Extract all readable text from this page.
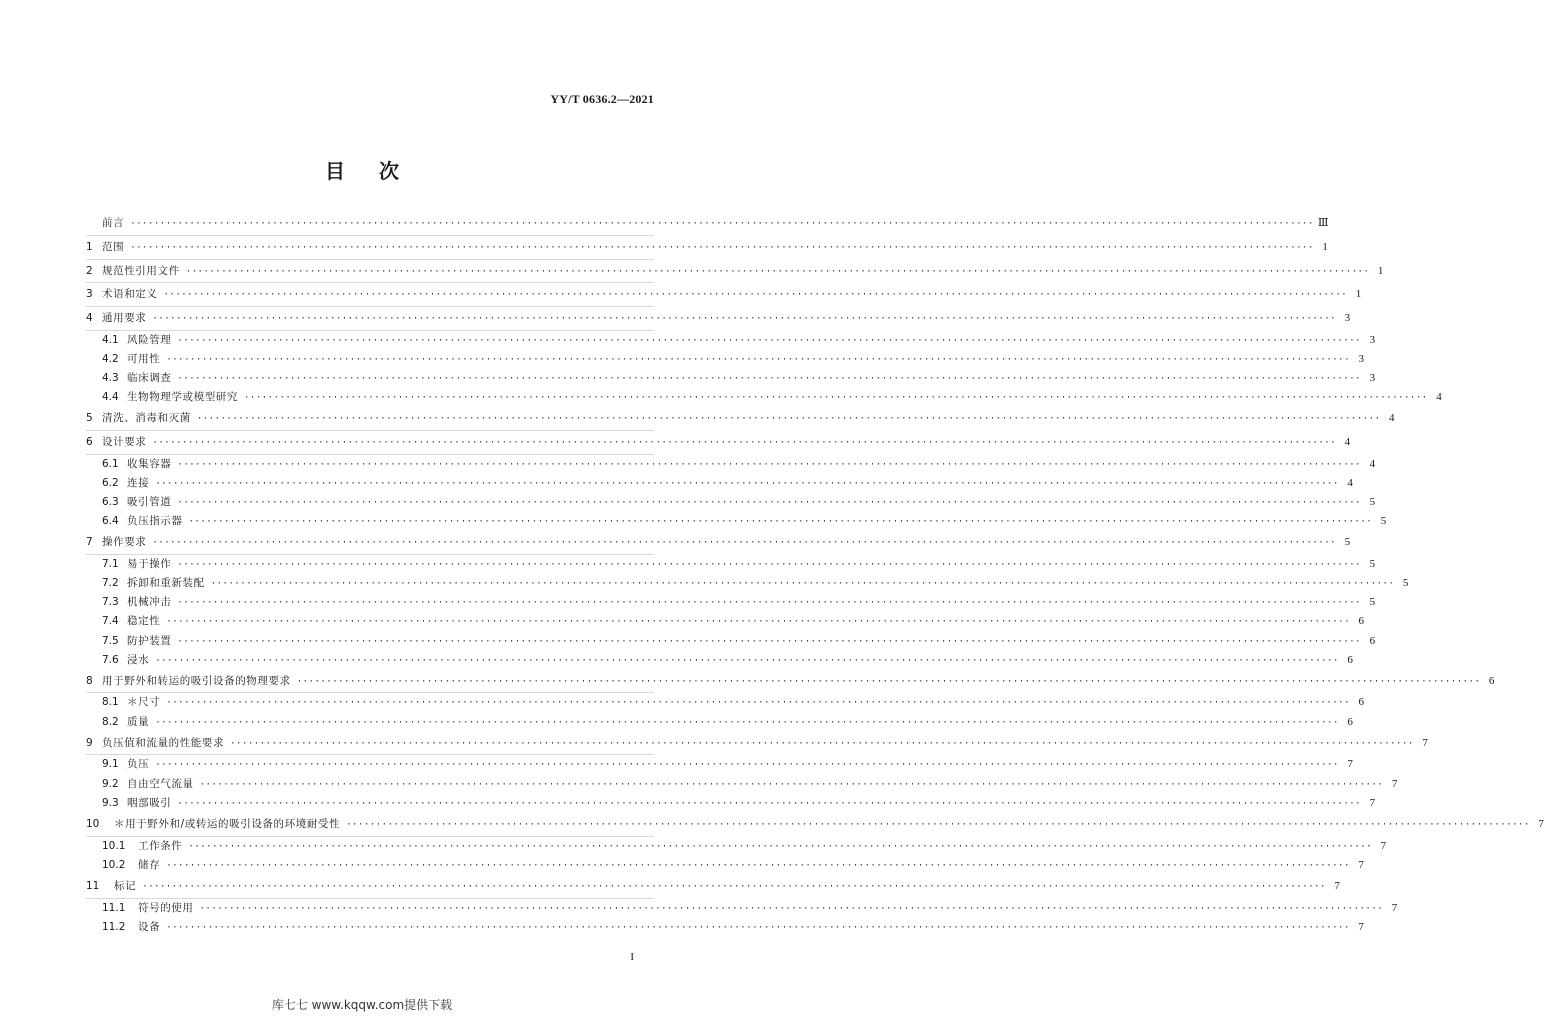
YY/T 0636.2—2021
目次
前言 ········································································································································································································ Ⅲ
1 范围 ········································································································································································································ 1
2 规范性引用文件 ········································································································································································································ 1
3 术语和定义 ········································································································································································································ 1
4 通用要求 ········································································································································································································ 3
4.1 风险管理 ········································································································································································································ 3
4.2 可用性 ········································································································································································································ 3
4.3 临床调查 ········································································································································································································ 3
4.4 生物物理学或模型研究 ········································································································································································································ 4
5 清洗、消毒和灭菌 ········································································································································································································ 4
6 设计要求 ········································································································································································································ 4
6.1 收集容器 ········································································································································································································ 4
6.2 连接 ········································································································································································································ 4
6.3 吸引管道 ········································································································································································································ 5
6.4 负压指示器 ········································································································································································································ 5
7 操作要求 ········································································································································································································ 5
7.1 易于操作 ········································································································································································································ 5
7.2 拆卸和重新装配 ········································································································································································································ 5
7.3 机械冲击 ········································································································································································································ 5
7.4 稳定性 ········································································································································································································ 6
7.5 防护装置 ········································································································································································································ 6
7.6 浸水 ········································································································································································································ 6
8 用于野外和转运的吸引设备的物理要求 ········································································································································································································ 6
8.1 ＊尺寸 ········································································································································································································ 6
8.2 质量 ········································································································································································································ 6
9 负压值和流量的性能要求 ········································································································································································································ 7
9.1 负压 ········································································································································································································ 7
9.2 自由空气流量 ········································································································································································································ 7
9.3 咽部吸引 ········································································································································································································ 7
10	＊用于野外和/或转运的吸引设备的环境耐受性 ········································································································································································································ 7
10.1	工作条件 ········································································································································································································ 7
10.2	储存 ········································································································································································································ 7
11	标记 ········································································································································································································ 7
11.1	符号的使用 ········································································································································································································ 7
11.2	设备 ········································································································································································································ 7
I
库七七 www.kqqw.com提供下载
